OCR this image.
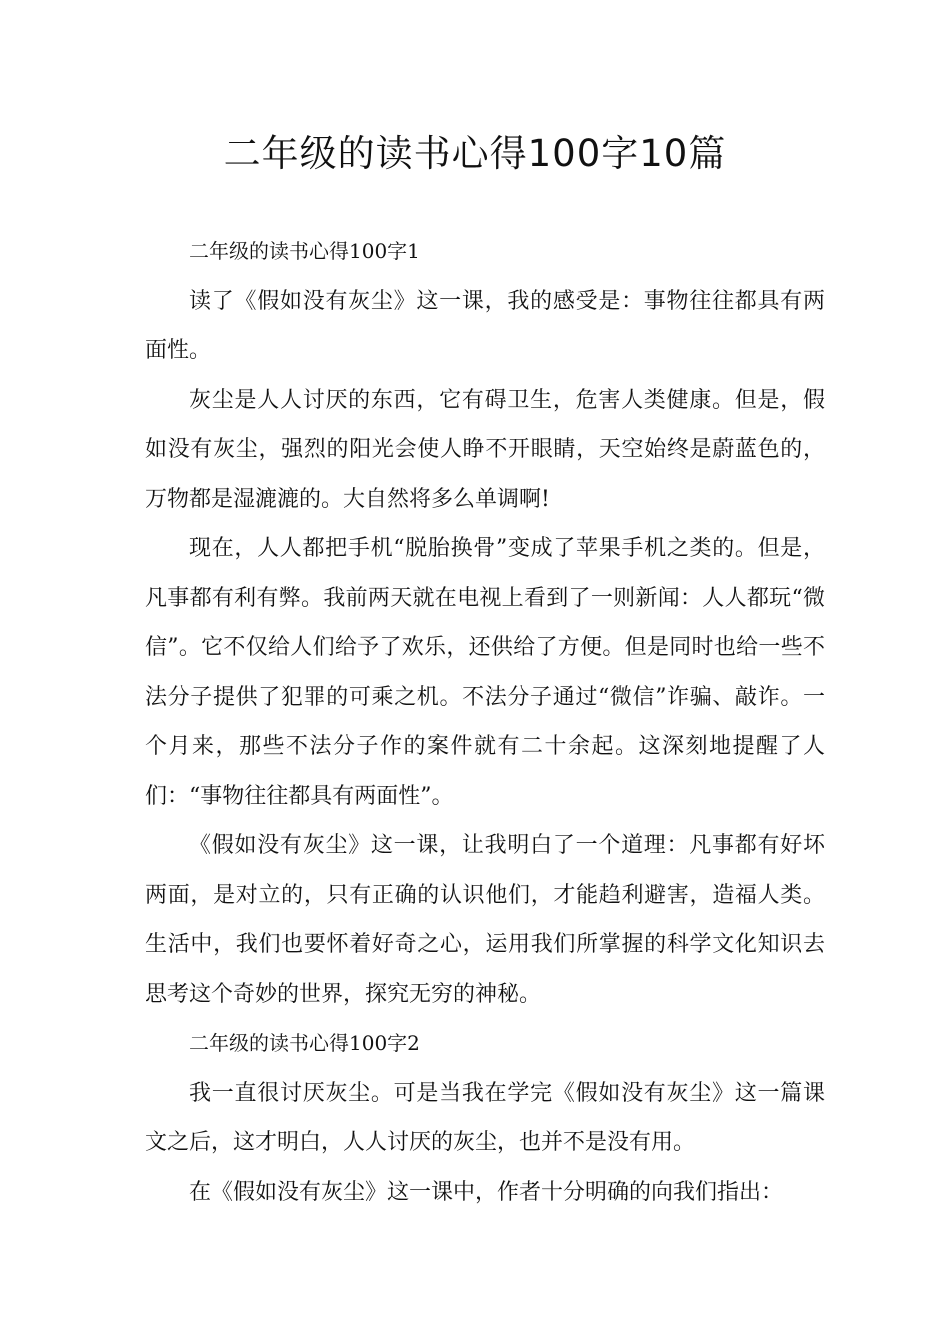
二年级的读书心得100字10篇
二年级的读书心得100字1

读了《假如没有灰尘》这一课，我的感受是：事物往往都具有两面性。

灰尘是人人讨厌的东西，它有碍卫生，危害人类健康。但是，假如没有灰尘，强烈的阳光会使人睁不开眼睛，天空始终是蔚蓝色的，万物都是湿漉漉的。大自然将多么单调啊!

现在，人人都把手机“脱胎换骨”变成了苹果手机之类的。但是，凡事都有利有弊。我前两天就在电视上看到了一则新闻：人人都玩“微信”。它不仅给人们给予了欢乐，还供给了方便。但是同时也给一些不法分子提供了犯罪的可乘之机。不法分子通过“微信”诈骗、敲诈。一个月来，那些不法分子作的案件就有二十余起。这深刻地提醒了人们：“事物往往都具有两面性”。

《假如没有灰尘》这一课，让我明白了一个道理：凡事都有好坏两面，是对立的，只有正确的认识他们，才能趋利避害，造福人类。生活中，我们也要怀着好奇之心，运用我们所掌握的科学文化知识去思考这个奇妙的世界，探究无穷的神秘。

二年级的读书心得100字2

我一直很讨厌灰尘。可是当我在学完《假如没有灰尘》这一篇课文之后，这才明白，人人讨厌的灰尘，也并不是没有用。

在《假如没有灰尘》这一课中，作者十分明确的向我们指出：
